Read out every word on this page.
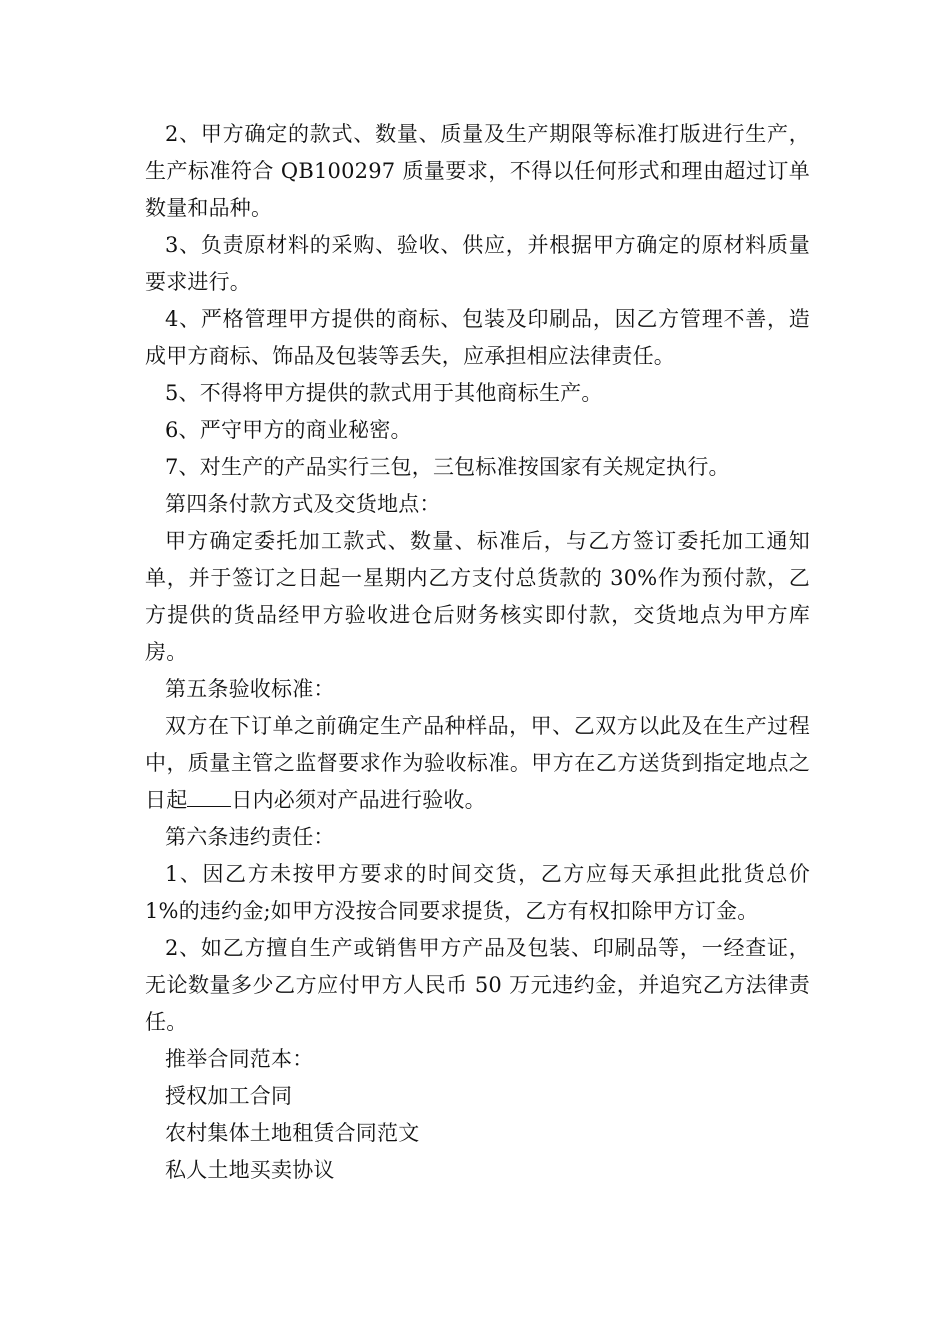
2、甲方确定的款式、数量、质量及生产期限等标准打版进行生产，生产标准符合 QB100297 质量要求，不得以任何形式和理由超过订单数量和品种。

3、负责原材料的采购、验收、供应，并根据甲方确定的原材料质量要求进行。

4、严格管理甲方提供的商标、包装及印刷品，因乙方管理不善，造成甲方商标、饰品及包装等丢失，应承担相应法律责任。

5、不得将甲方提供的款式用于其他商标生产。

6、严守甲方的商业秘密。

7、对生产的产品实行三包，三包标准按国家有关规定执行。

第四条付款方式及交货地点：

甲方确定委托加工款式、数量、标准后，与乙方签订委托加工通知单，并于签订之日起一星期内乙方支付总货款的 30%作为预付款，乙方提供的货品经甲方验收进仓后财务核实即付款，交货地点为甲方库房。

第五条验收标准：

双方在下订单之前确定生产品种样品，甲、乙双方以此及在生产过程中，质量主管之监督要求作为验收标准。甲方在乙方送货到指定地点之日起 日内必须对产品进行验收。

第六条违约责任：

1、因乙方未按甲方要求的时间交货，乙方应每天承担此批货总价 1%的违约金;如甲方没按合同要求提货，乙方有权扣除甲方订金。

2、如乙方擅自生产或销售甲方产品及包装、印刷品等，一经查证，无论数量多少乙方应付甲方人民币 50 万元违约金，并追究乙方法律责任。

推举合同范本：

授权加工合同

农村集体土地租赁合同范文

私人土地买卖协议
